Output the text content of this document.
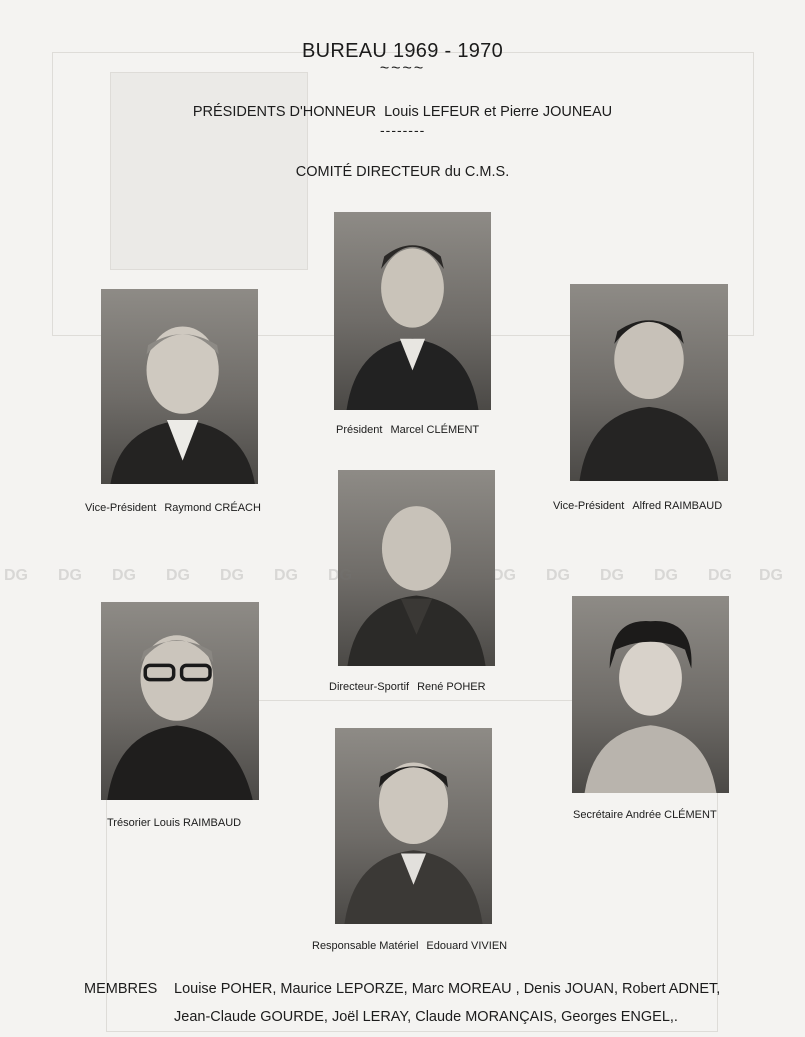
BUREAU 1969 - 1970
~~~~
PRÉSIDENTS D'HONNEUR Louis LEFEUR et Pierre JOUNEAU
--------
COMITÉ DIRECTEUR du C.M.S.
Président Marcel CLÉMENT
Vice-Président Raymond CRÉACH	Vice-Président Alfred RAIMBAUD
Directeur-Sportif René POHER
DG DG DG DG DG DG DG	DG DG DG DG DG DG
Trésorier Louis RAIMBAUD
Secrétaire Andrée CLÉMENT
Responsable Matériel Edouard VIVIEN
MEMBRES Louise POHER, Maurice LEPORZE, Marc MOREAU , Denis JOUAN, Robert ADNET,
Jean-Claude GOURDE, Joël LERAY, Claude MORANÇAIS, Georges ENGEL,.
